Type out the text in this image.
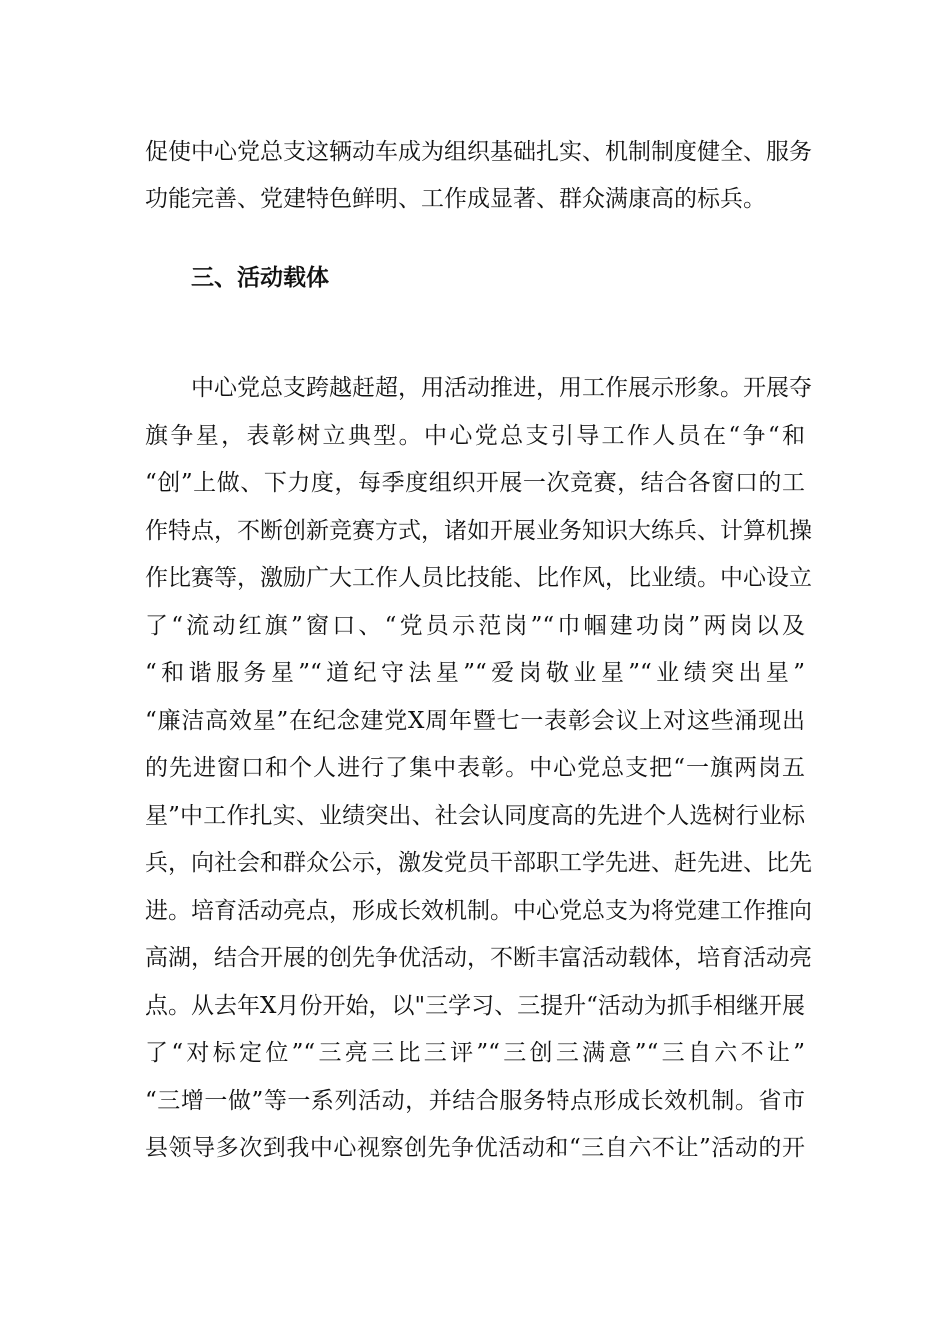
促使中心党总支这辆动车成为组织基础扎实、机制制度健全、服务
功能完善、党建特色鲜明、工作成显著、群众满康高的标兵。
三、活动载体
中心党总支跨越赶超，用活动推进，用工作展示形象。开展夺
旗争星，表彰树立典型。中心党总支引导工作人员在“争“和
“创”上做、下力度，每季度组织开展一次竞赛，结合各窗口的工
作特点，不断创新竞赛方式，诸如开展业务知识大练兵、计算机操
作比赛等，激励广大工作人员比技能、比作风，比业绩。中心设立
了“流动红旗”窗口、“党员示范岗”“巾帼建功岗”两岗以及
“和谐服务星”“道纪守法星”“爱岗敬业星”“业绩突出星”
“廉洁高效星”在纪念建党X周年暨七一表彰会议上对这些涌现出
的先进窗口和个人进行了集中表彰。中心党总支把“一旗两岗五
星”中工作扎实、业绩突出、社会认同度高的先进个人选树行业标
兵，向社会和群众公示，激发党员干部职工学先进、赶先进、比先
进。培育活动亮点，形成长效机制。中心党总支为将党建工作推向
高湖，结合开展的创先争优活动，不断丰富活动载体，培育活动亮
点。从去年X月份开始，以"三学习、三提升“活动为抓手相继开展
了“对标定位”“三亮三比三评”“三创三满意”“三自六不让”
“三增一做”等一系列活动，并结合服务特点形成长效机制。省市
县领导多次到我中心视察创先争优活动和“三自六不让”活动的开
